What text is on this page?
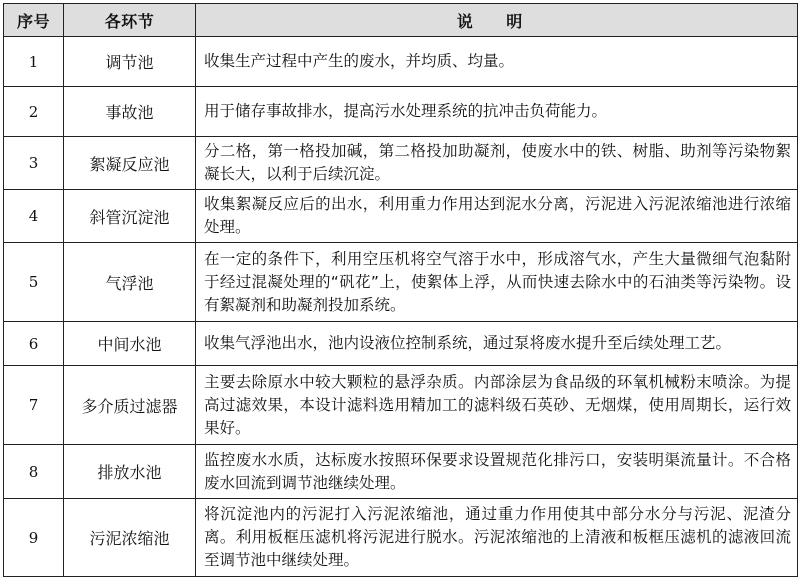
序号	各环节	说 明
1	调节池	收集生产过程中产生的废水，并均质、均量。
2	事故池	用于储存事故排水，提高污水处理系统的抗冲击负荷能力。
3	絮凝反应池	分二格，第一格投加碱，第二格投加助凝剂，使废水中的铁、树脂、助剂等污染物絮凝长大，以利于后续沉淀。
4	斜管沉淀池	收集絮凝反应后的出水，利用重力作用达到泥水分离，污泥进入污泥浓缩池进行浓缩处理。
5	气浮池	在一定的条件下，利用空压机将空气溶于水中，形成溶气水，产生大量微细气泡黏附于经过混凝处理的“矾花”上，使絮体上浮，从而快速去除水中的石油类等污染物。设有絮凝剂和助凝剂投加系统。
6	中间水池	收集气浮池出水，池内设液位控制系统，通过泵将废水提升至后续处理工艺。
7	多介质过滤器	主要去除原水中较大颗粒的悬浮杂质。内部涂层为食品级的环氧机械粉末喷涂。为提高过滤效果，本设计滤料选用精加工的滤料级石英砂、无烟煤，使用周期长，运行效果好。
8	排放水池	监控废水水质，达标废水按照环保要求设置规范化排污口，安装明渠流量计。不合格废水回流到调节池继续处理。
9	污泥浓缩池	将沉淀池内的污泥打入污泥浓缩池，通过重力作用使其中部分水分与污泥、泥渣分离。利用板框压滤机将污泥进行脱水。污泥浓缩池的上清液和板框压滤机的滤液回流至调节池中继续处理。
